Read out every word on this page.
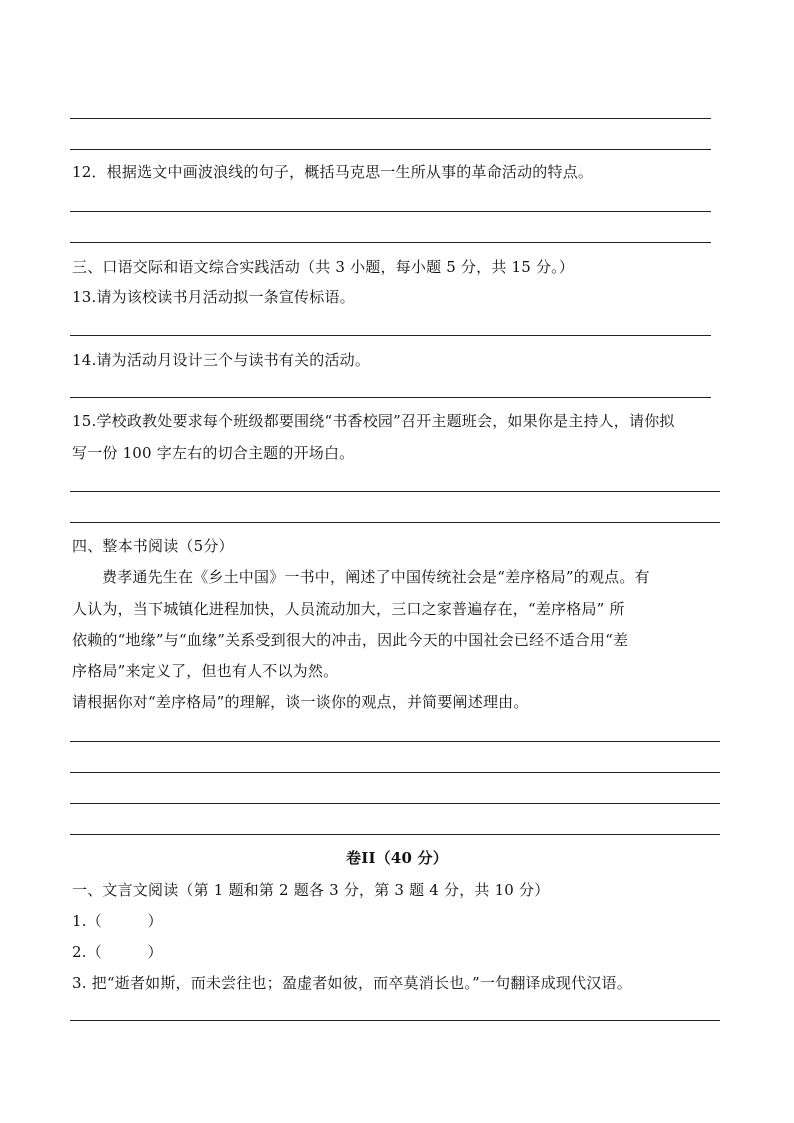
12．根据选文中画波浪线的句子，概括马克思一生所从事的革命活动的特点。
三、口语交际和语文综合实践活动（共 3 小题，每小题 5 分，共 15 分。）
13.请为该校读书月活动拟一条宣传标语。
14.请为活动月设计三个与读书有关的活动。
15.学校政教处要求每个班级都要围绕“书香校园”召开主题班会，如果你是主持人，请你拟
写一份 100 字左右的切合主题的开场白。
四、整本书阅读（5分）
费孝通先生在《乡土中国》一书中，阐述了中国传统社会是“差序格局”的观点。有
人认为，当下城镇化进程加快，人员流动加大，三口之家普遍存在，“差序格局” 所
依赖的“地缘”与“血缘”关系受到很大的冲击，因此今天的中国社会已经不适合用“差
序格局”来定义了，但也有人不以为然。
请根据你对“差序格局”的理解，谈一谈你的观点，并简要阐述理由。
卷II（40 分）
一、文言文阅读（第 1 题和第 2 题各 3 分，第 3 题 4 分，共 10 分）
1.（　　　）
2.（　　　）
3. 把“逝者如斯，而未尝往也；盈虚者如彼，而卒莫消长也。”一句翻译成现代汉语。
